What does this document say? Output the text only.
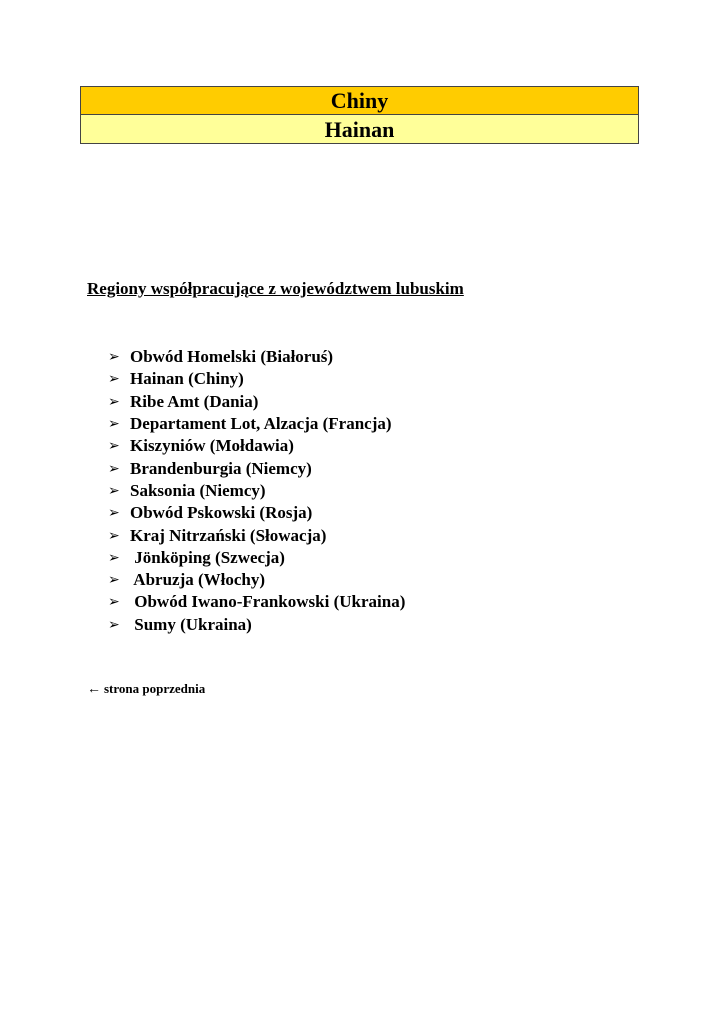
Chiny
Hainan
Regiony współpracujące z województwem lubuskim
➢ Obwód Homelski (Białoruś)
➢ Hainan (Chiny)
➢ Ribe Amt (Dania)
➢ Departament Lot, Alzacja (Francja)
➢ Kiszyniów (Mołdawia)
➢ Brandenburgia (Niemcy)
➢ Saksonia (Niemcy)
➢ Obwód Pskowski (Rosja)
➢ Kraj Nitrzański (Słowacja)
➢ Jönköping (Szwecja)
➢ Abruzja (Włochy)
➢ Obwód Iwano-Frankowski (Ukraina)
➢ Sumy (Ukraina)
← strona poprzednia
